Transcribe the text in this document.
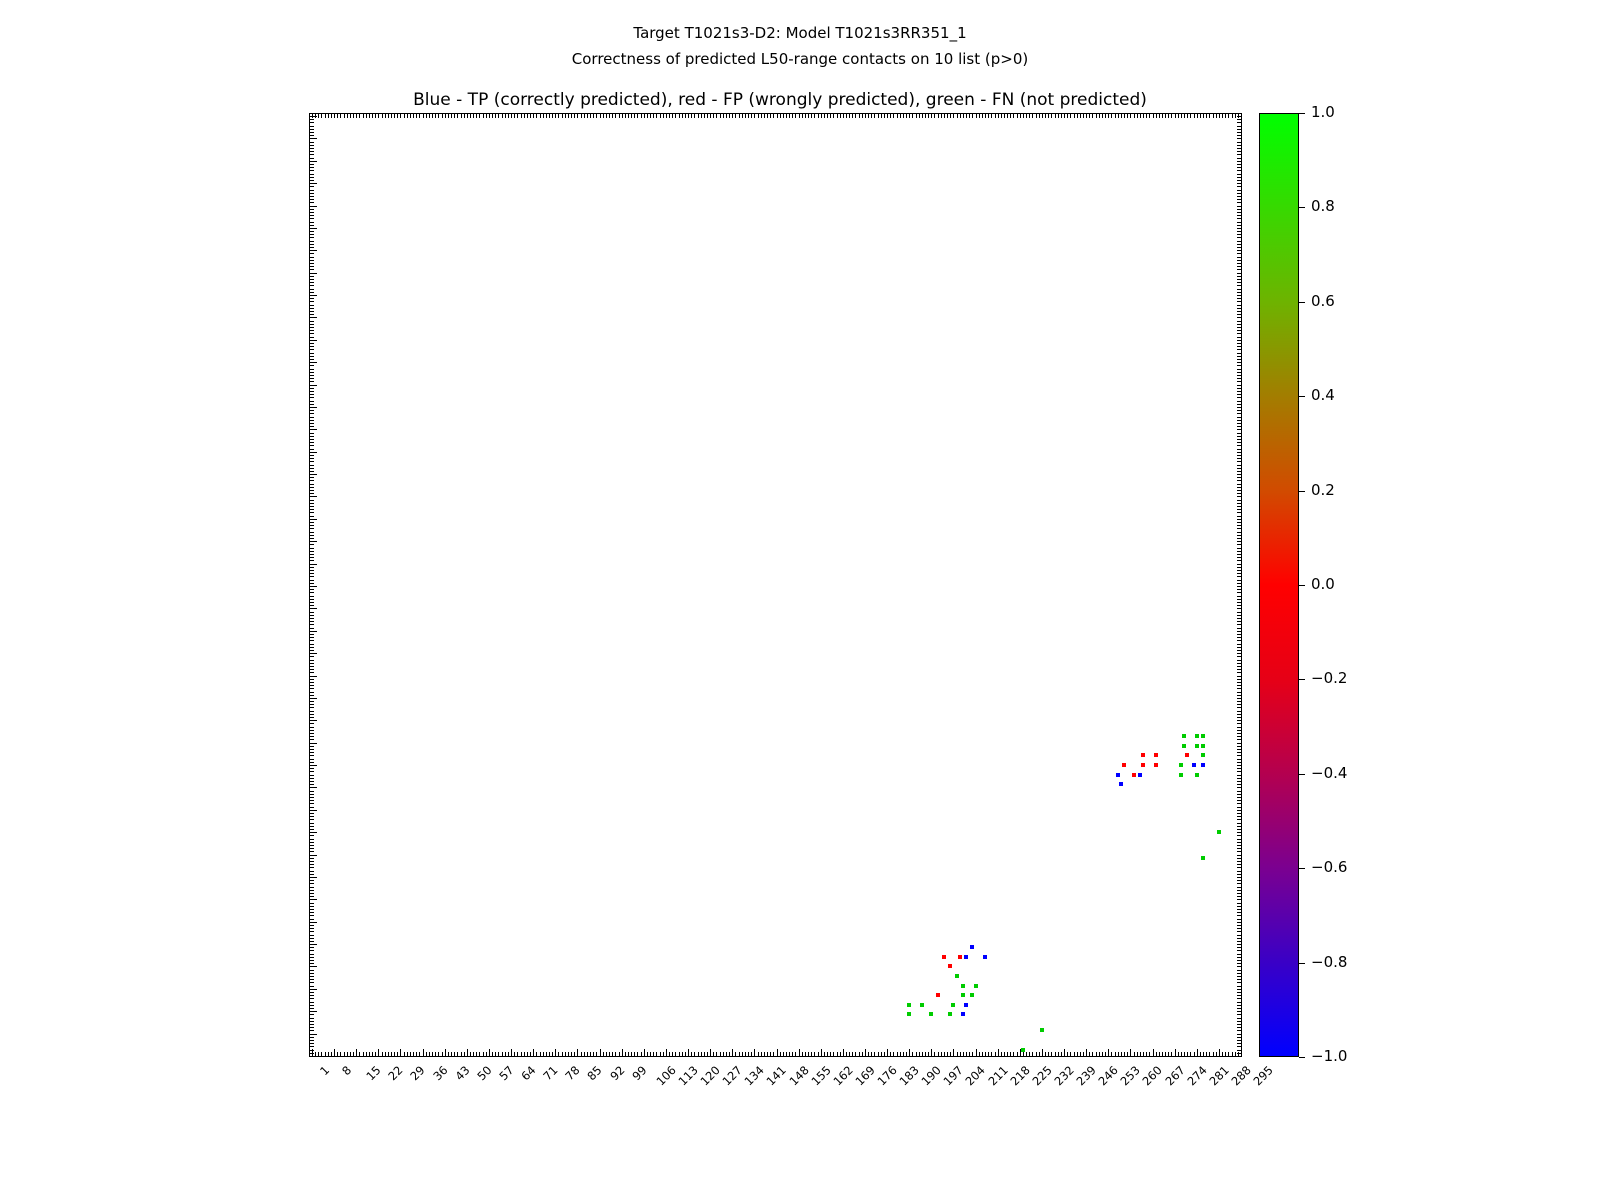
Target T1021s3-D2: Model T1021s3RR351_1
Correctness of predicted L50-range contacts on 10 list (p>0)
Blue - TP (correctly predicted), red - FP (wrongly predicted), green - FN (not predicted)
1 8 15 22 29 36 43 50 57 64 71 78 85 92 99 106
113
120
127
134
141
148
155
162
169
176
183
190
197
204
211
218
225
232
239
246
253
260
267
274
281
288
295
−1.0
−0.8
−0.6
−0.4
−0.2
0.0
0.2
0.4
0.6
0.8
1.0
